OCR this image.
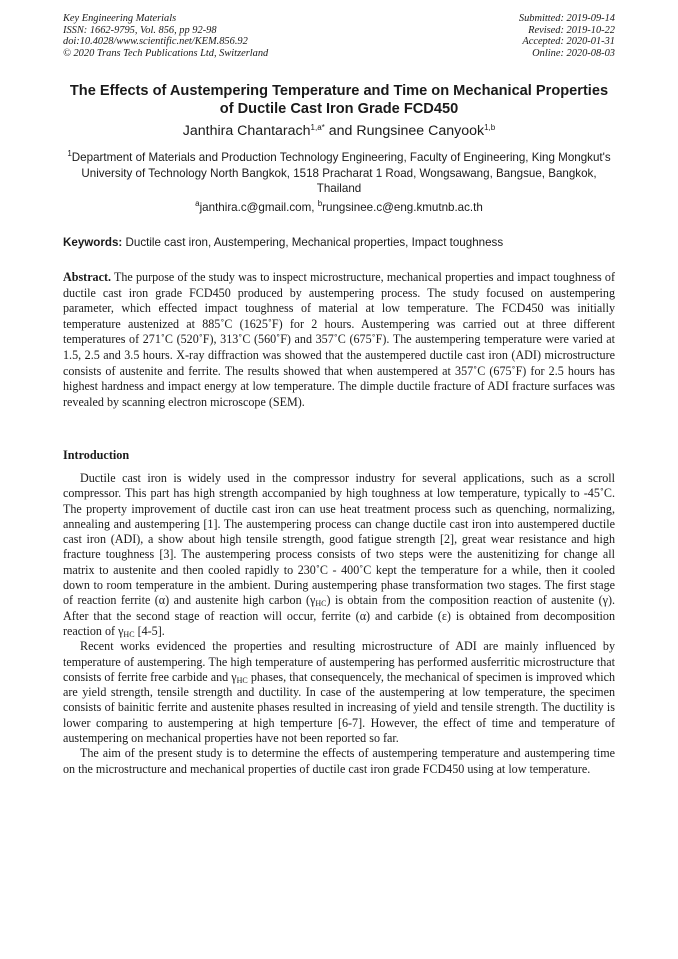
Key Engineering Materials
ISSN: 1662-9795, Vol. 856, pp 92-98
doi:10.4028/www.scientific.net/KEM.856.92
© 2020 Trans Tech Publications Ltd, Switzerland
Submitted: 2019-09-14
Revised: 2019-10-22
Accepted: 2020-01-31
Online: 2020-08-03
The Effects of Austempering Temperature and Time on Mechanical Properties of Ductile Cast Iron Grade FCD450
Janthira Chantarach$^{1,a*}$ and Rungsinee Canyook$^{1,b}$
$^1$Department of Materials and Production Technology Engineering, Faculty of Engineering, King Mongkut's University of Technology North Bangkok, 1518 Pracharat 1 Road, Wongsawang, Bangsue, Bangkok, Thailand
$^a$janthira.c@gmail.com, $^b$rungsinee.c@eng.kmutnb.ac.th
Keywords: Ductile cast iron, Austempering, Mechanical properties, Impact toughness
Abstract. The purpose of the study was to inspect microstructure, mechanical properties and impact toughness of ductile cast iron grade FCD450 produced by austempering process. The study focused on austempering parameter, which effected impact toughness of material at low temperature. The FCD450 was initially temperature austenized at 885˚C (1625˚F) for 2 hours. Austempering was carried out at three different temperatures of 271˚C (520˚F), 313˚C (560˚F) and 357˚C (675˚F). The austempering temperature were varied at 1.5, 2.5 and 3.5 hours. X-ray diffraction was showed that the austempered ductile cast iron (ADI) microstructure consists of austenite and ferrite. The results showed that when austempered at 357˚C (675˚F) for 2.5 hours has highest hardness and impact energy at low temperature. The dimple ductile fracture of ADI fracture surfaces was revealed by scanning electron microscope (SEM).
Introduction

Ductile cast iron is widely used in the compressor industry for several applications, such as a scroll compressor. This part has high strength accompanied by high toughness at low temperature, typically to -45˚C. The property improvement of ductile cast iron can use heat treatment process such as quenching, normalizing, annealing and austempering [1]. The austempering process can change ductile cast iron into austempered ductile cast iron (ADI), a show about high tensile strength, good fatigue strength [2], great wear resistance and high fracture toughness [3]. The austempering process consists of two steps were the austenitizing for change all matrix to austenite and then cooled rapidly to 230˚C - 400˚C kept the temperature for a while, then it cooled down to room temperature in the ambient. During austempering phase transformation two stages. The first stage of reaction ferrite (α) and austenite high carbon $(\gamma_{HC})$ is obtain from the composition reaction of austenite (γ). After that the second stage of reaction will occur, ferrite (α) and carbide (ε) is obtained from decomposition reaction of $\gamma_{HC}$ [4-5].

Recent works evidenced the properties and resulting microstructure of ADI are mainly influenced by temperature of austempering. The high temperature of austempering has performed ausferritic microstructure that consists of ferrite free carbide and $\gamma_{HC}$ phases, that consequencely, the mechanical of specimen is improved which are yield strength, tensile strength and ductility. In case of the austempering at low temperature, the specimen consists of bainitic ferrite and austenite phases resulted in increasing of yield and tensile strength. The ductility is lower comparing to austempering at high temperture [6-7]. However, the effect of time and temperature of austempering on mechanical properties have not been reported so far.

The aim of the present study is to determine the effects of austempering temperature and austempering time on the microstructure and mechanical properties of ductile cast iron grade FCD450 using at low temperature.
